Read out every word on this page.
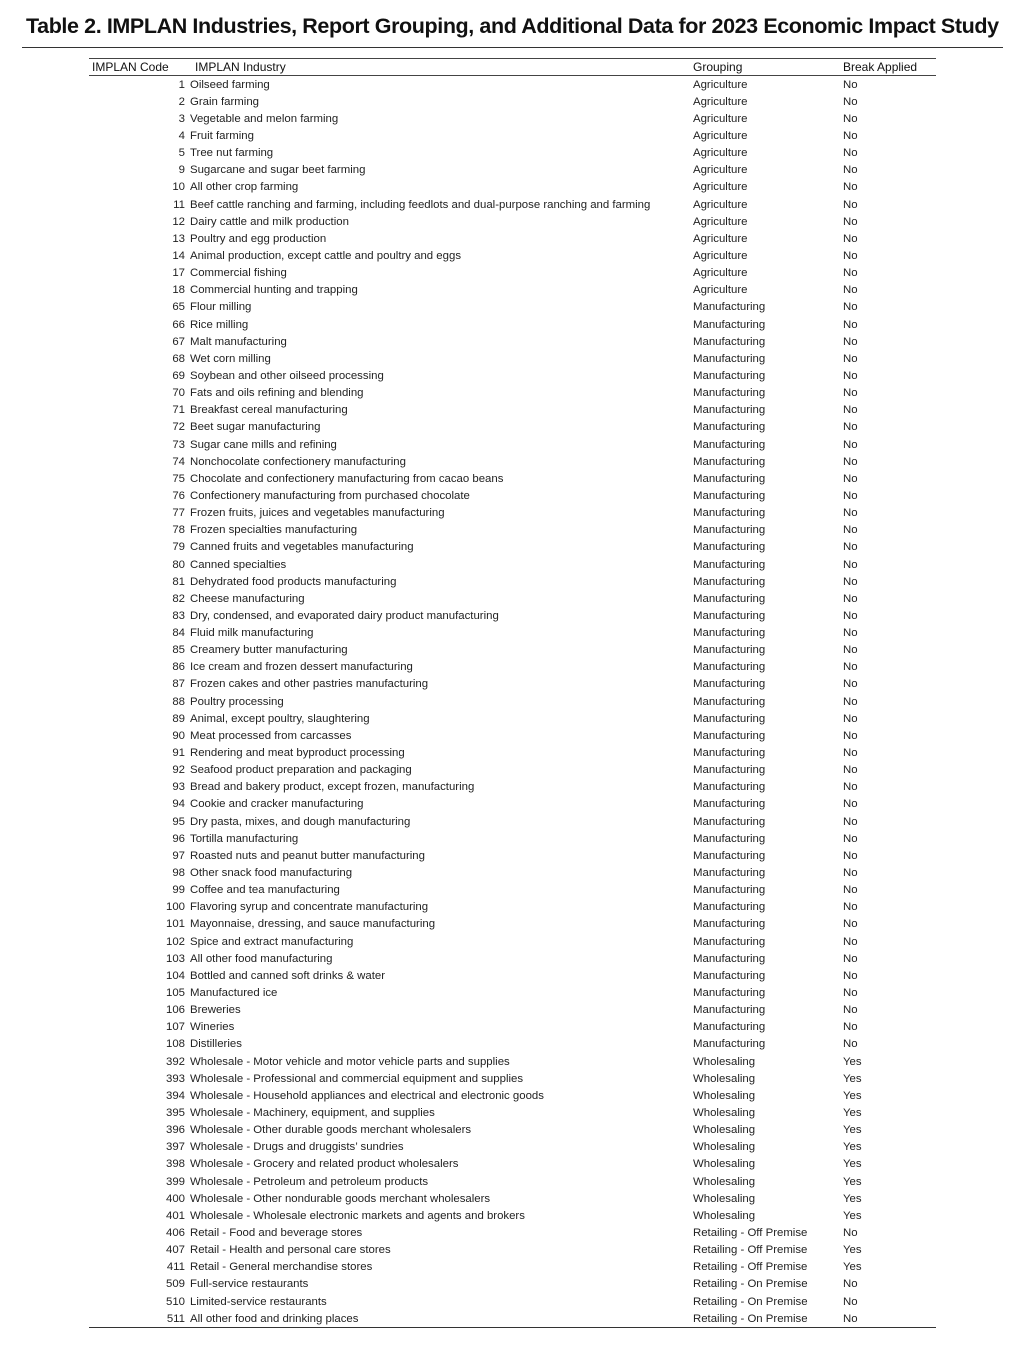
Table 2. IMPLAN Industries, Report Grouping, and Additional Data for 2023 Economic Impact Study
IMPLAN Code	IMPLAN Industry	Grouping	Break Applied
1 Oilseed farming	Agriculture	No
2 Grain farming	Agriculture	No
3 Vegetable and melon farming	Agriculture	No
4 Fruit farming	Agriculture	No
5 Tree nut farming	Agriculture	No
9 Sugarcane and sugar beet farming	Agriculture	No
10 All other crop farming	Agriculture	No
11 Beef cattle ranching and farming, including feedlots and dual-purpose ranching and farming	Agriculture	No
12 Dairy cattle and milk production	Agriculture	No
13 Poultry and egg production	Agriculture	No
14 Animal production, except cattle and poultry and eggs	Agriculture	No
17 Commercial fishing	Agriculture	No
18 Commercial hunting and trapping	Agriculture	No
65 Flour milling	Manufacturing	No
66 Rice milling	Manufacturing	No
67 Malt manufacturing	Manufacturing	No
68 Wet corn milling	Manufacturing	No
69 Soybean and other oilseed processing	Manufacturing	No
70 Fats and oils refining and blending	Manufacturing	No
71 Breakfast cereal manufacturing	Manufacturing	No
72 Beet sugar manufacturing	Manufacturing	No
73 Sugar cane mills and refining	Manufacturing	No
74 Nonchocolate confectionery manufacturing	Manufacturing	No
75 Chocolate and confectionery manufacturing from cacao beans	Manufacturing	No
76 Confectionery manufacturing from purchased chocolate	Manufacturing	No
77 Frozen fruits, juices and vegetables manufacturing	Manufacturing	No
78 Frozen specialties manufacturing	Manufacturing	No
79 Canned fruits and vegetables manufacturing	Manufacturing	No
80 Canned specialties	Manufacturing	No
81 Dehydrated food products manufacturing	Manufacturing	No
82 Cheese manufacturing	Manufacturing	No
83 Dry, condensed, and evaporated dairy product manufacturing	Manufacturing	No
84 Fluid milk manufacturing	Manufacturing	No
85 Creamery butter manufacturing	Manufacturing	No
86 Ice cream and frozen dessert manufacturing	Manufacturing	No
87 Frozen cakes and other pastries manufacturing	Manufacturing	No
88 Poultry processing	Manufacturing	No
89 Animal, except poultry, slaughtering	Manufacturing	No
90 Meat processed from carcasses	Manufacturing	No
91 Rendering and meat byproduct processing	Manufacturing	No
92 Seafood product preparation and packaging	Manufacturing	No
93 Bread and bakery product, except frozen, manufacturing	Manufacturing	No
94 Cookie and cracker manufacturing	Manufacturing	No
95 Dry pasta, mixes, and dough manufacturing	Manufacturing	No
96 Tortilla manufacturing	Manufacturing	No
97 Roasted nuts and peanut butter manufacturing	Manufacturing	No
98 Other snack food manufacturing	Manufacturing	No
99 Coffee and tea manufacturing	Manufacturing	No
100 Flavoring syrup and concentrate manufacturing	Manufacturing	No
101 Mayonnaise, dressing, and sauce manufacturing	Manufacturing	No
102 Spice and extract manufacturing	Manufacturing	No
103 All other food manufacturing	Manufacturing	No
104 Bottled and canned soft drinks & water	Manufacturing	No
105 Manufactured ice	Manufacturing	No
106 Breweries	Manufacturing	No
107 Wineries	Manufacturing	No
108 Distilleries	Manufacturing	No
392 Wholesale - Motor vehicle and motor vehicle parts and supplies	Wholesaling	Yes
393 Wholesale - Professional and commercial equipment and supplies	Wholesaling	Yes
394 Wholesale - Household appliances and electrical and electronic goods	Wholesaling	Yes
395 Wholesale - Machinery, equipment, and supplies	Wholesaling	Yes
396 Wholesale - Other durable goods merchant wholesalers	Wholesaling	Yes
397 Wholesale - Drugs and druggists’ sundries	Wholesaling	Yes
398 Wholesale - Grocery and related product wholesalers	Wholesaling	Yes
399 Wholesale - Petroleum and petroleum products	Wholesaling	Yes
400 Wholesale - Other nondurable goods merchant wholesalers	Wholesaling	Yes
401 Wholesale - Wholesale electronic markets and agents and brokers	Wholesaling	Yes
406 Retail - Food and beverage stores	Retailing - Off Premise	No
407 Retail - Health and personal care stores	Retailing - Off Premise	Yes
411 Retail - General merchandise stores	Retailing - Off Premise	Yes
509 Full-service restaurants	Retailing - On Premise	No
510 Limited-service restaurants	Retailing - On Premise	No
511 All other food and drinking places	Retailing - On Premise	No
